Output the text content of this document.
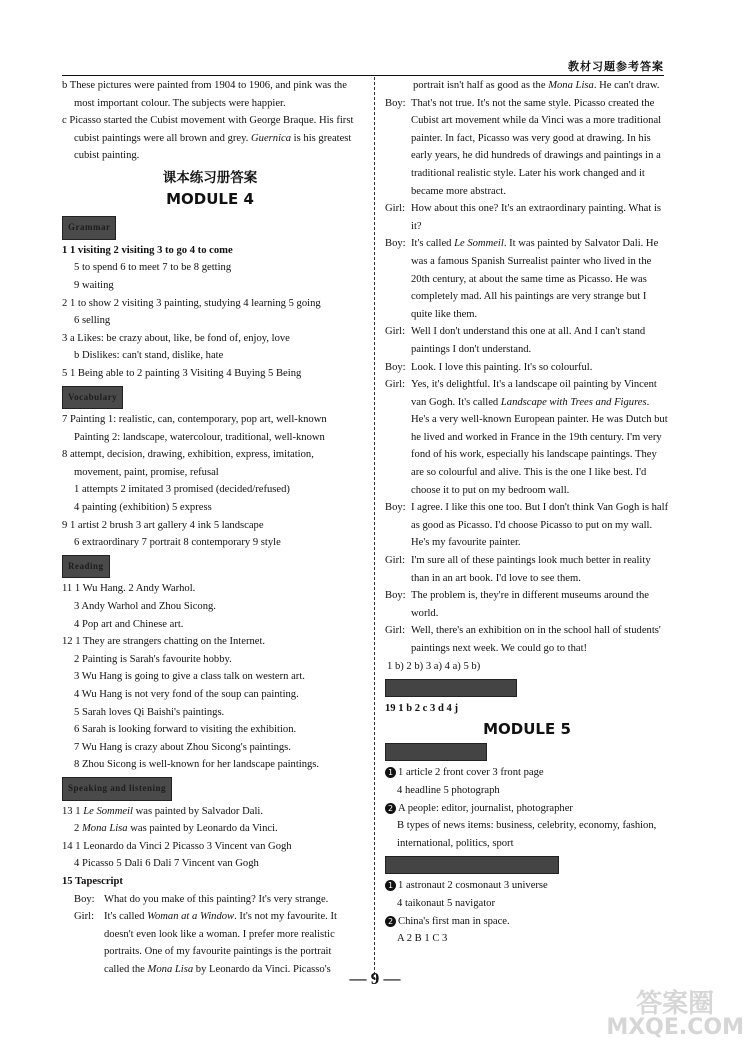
教材习题参考答案

b These pictures were painted from 1904 to 1906, and pink was the most important colour. The subjects were happier.

c Picasso started the Cubist movement with George Braque. His first cubist paintings were all brown and grey. Guernica is his greatest cubist painting.

课本练习册答案
MODULE 4
Grammar

1 1 visiting 2 visiting 3 to go 4 to come

5 to spend 6 to meet 7 to be 8 getting

9 waiting

2 1 to show 2 visiting 3 painting, studying 4 learning 5 going

6 selling

3 a Likes: be crazy about, like, be fond of, enjoy, love

b Dislikes: can't stand, dislike, hate

5 1 Being able to 2 painting 3 Visiting 4 Buying 5 Being

Vocabulary

7 Painting 1: realistic, can, contemporary, pop art, well-known

Painting 2: landscape, watercolour, traditional, well-known

8 attempt, decision, drawing, exhibition, express, imitation,

movement, paint, promise, refusal

1 attempts 2 imitated 3 promised (decided/refused)

4 painting (exhibition) 5 express

9 1 artist 2 brush 3 art gallery 4 ink 5 landscape

6 extraordinary 7 portrait 8 contemporary 9 style

Reading

11 1 Wu Hang. 2 Andy Warhol.

3 Andy Warhol and Zhou Sicong.

4 Pop art and Chinese art.

12 1 They are strangers chatting on the Internet.

2 Painting is Sarah's favourite hobby.

3 Wu Hang is going to give a class talk on western art.

4 Wu Hang is not very fond of the soup can painting.

5 Sarah loves Qi Baishi's paintings.

6 Sarah is looking forward to visiting the exhibition.

7 Wu Hang is crazy about Zhou Sicong's paintings.

8 Zhou Sicong is well-known for her landscape paintings.

Speaking and listening

13 1 Le Sommeil was painted by Salvador Dali.

2 Mona Lisa was painted by Leonardo da Vinci.

14 1 Leonardo da Vinci 2 Picasso 3 Vincent van Gogh

4 Picasso 5 Dali 6 Dali 7 Vincent van Gogh

15 Tapescript

Boy: What do you make of this painting? It's very strange.
Girl: It's called Woman at a Window. It's not my favourite. It doesn't even look like a woman. I prefer more realistic portraits. One of my favourite paintings is the portrait called the Mona Lisa by Leonardo da Vinci. Picasso's

portrait isn't half as good as the Mona Lisa. He can't draw.

Boy: That's not true. It's not the same style. Picasso created the Cubist art movement while da Vinci was a more traditional painter. In fact, Picasso was very good at drawing. In his early years, he did hundreds of drawings and paintings in a traditional realistic style. Later his work changed and it became more abstract.
Girl: How about this one? It's an extraordinary painting. What is it?
Boy: It's called Le Sommeil. It was painted by Salvator Dali. He was a famous Spanish Surrealist painter who lived in the 20th century, at about the same time as Picasso. He was completely mad. All his paintings are very strange but I quite like them.
Girl: Well I don't understand this one at all. And I can't stand paintings I don't understand.
Boy: Look. I love this painting. It's so colourful.
Girl: Yes, it's delightful. It's a landscape oil painting by Vincent van Gogh. It's called Landscape with Trees and Figures. He's a very well-known European painter. He was Dutch but he lived and worked in France in the 19th century. I'm very fond of his work, especially his landscape paintings. They are so colourful and alive. This is the one I like best. I'd choose it to put on my bedroom wall.
Boy: I agree. I like this one too. But I don't think Van Gogh is half as good as Picasso. I'd choose Picasso to put on my wall. He's my favourite painter.
Girl: I'm sure all of these paintings look much better in reality than in an art book. I'd love to see them.
Boy: The problem is, they're in different museums around the world.
Girl: Well, there's an exhibition on in the school hall of students' paintings next week. We could go to that!

1 b) 2 b) 3 a) 4 a) 5 b)

19 1 b 2 c 3 d 4 j

MODULE 5

1 1 article 2 front cover 3 front page

4 headline 5 photograph

2 A people: editor, journalist, photographer

B types of news items: business, celebrity, economy, fashion, international, politics, sport

1 1 astronaut 2 cosmonaut 3 universe

4 taikonaut 5 navigator

2 China's first man in space.

A 2 B 1 C 3

— 9 —
答案圈
MXQE.COM
